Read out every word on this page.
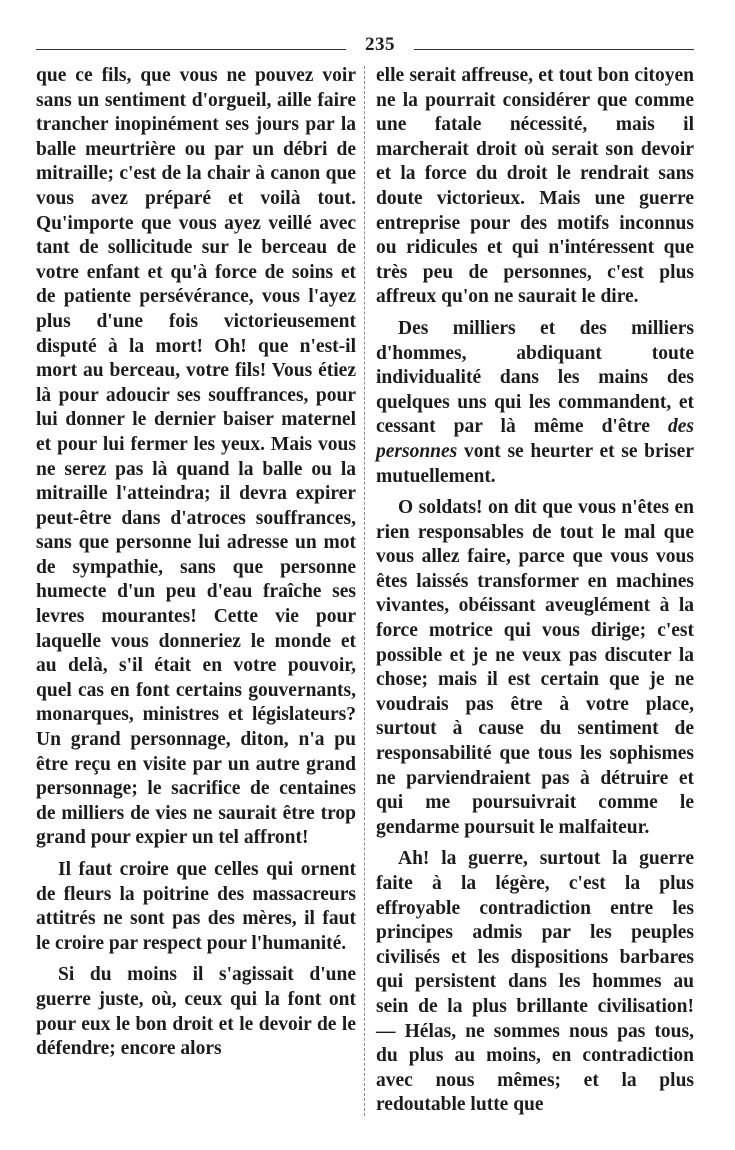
235

que ce fils, que vous ne pouvez voir sans un sentiment d'orgueil, aille faire trancher inopinément ses jours par la balle meurtrière ou par un débri de mitraille; c'est de la chair à canon que vous avez préparé et voilà tout. Qu'importe que vous ayez veillé avec tant de sollicitude sur le berceau de votre enfant et qu'à force de soins et de patiente persévérance, vous l'ayez plus d'une fois victorieusement disputé à la mort! Oh! que n'est-il mort au berceau, votre fils! Vous étiez là pour adoucir ses souffrances, pour lui donner le dernier baiser maternel et pour lui fermer les yeux. Mais vous ne serez pas là quand la balle ou la mitraille l'atteindra; il devra expirer peut-être dans d'atroces souffrances, sans que personne lui adresse un mot de sympathie, sans que personne humecte d'un peu d'eau fraîche ses levres mourantes! Cette vie pour laquelle vous donneriez le monde et au delà, s'il était en votre pouvoir, quel cas en font certains gouvernants, monarques, ministres et législateurs? Un grand personnage, diton, n'a pu être reçu en visite par un autre grand personnage; le sacrifice de centaines de milliers de vies ne saurait être trop grand pour expier un tel affront!

Il faut croire que celles qui ornent de fleurs la poitrine des massacreurs attitrés ne sont pas des mères, il faut le croire par respect pour l'humanité.

Si du moins il s'agissait d'une guerre juste, où, ceux qui la font ont pour eux le bon droit et le devoir de le défendre; encore alors

elle serait affreuse, et tout bon citoyen ne la pourrait considérer que comme une fatale nécessité, mais il marcherait droit où serait son devoir et la force du droit le rendrait sans doute victorieux. Mais une guerre entreprise pour des motifs inconnus ou ridicules et qui n'intéressent que très peu de personnes, c'est plus affreux qu'on ne saurait le dire.

Des milliers et des milliers d'hommes, abdiquant toute individualité dans les mains des quelques uns qui les commandent, et cessant par là même d'être des personnes vont se heurter et se briser mutuellement.

O soldats! on dit que vous n'êtes en rien responsables de tout le mal que vous allez faire, parce que vous vous êtes laissés transformer en machines vivantes, obéissant aveuglément à la force motrice qui vous dirige; c'est possible et je ne veux pas discuter la chose; mais il est certain que je ne voudrais pas être à votre place, surtout à cause du sentiment de responsabilité que tous les sophismes ne parviendraient pas à détruire et qui me poursuivrait comme le gendarme poursuit le malfaiteur.

Ah! la guerre, surtout la guerre faite à la légère, c'est la plus effroyable contradiction entre les principes admis par les peuples civilisés et les dispositions barbares qui persistent dans les hommes au sein de la plus brillante civilisation! — Hélas, ne sommes nous pas tous, du plus au moins, en contradiction avec nous mêmes; et la plus redoutable lutte que
